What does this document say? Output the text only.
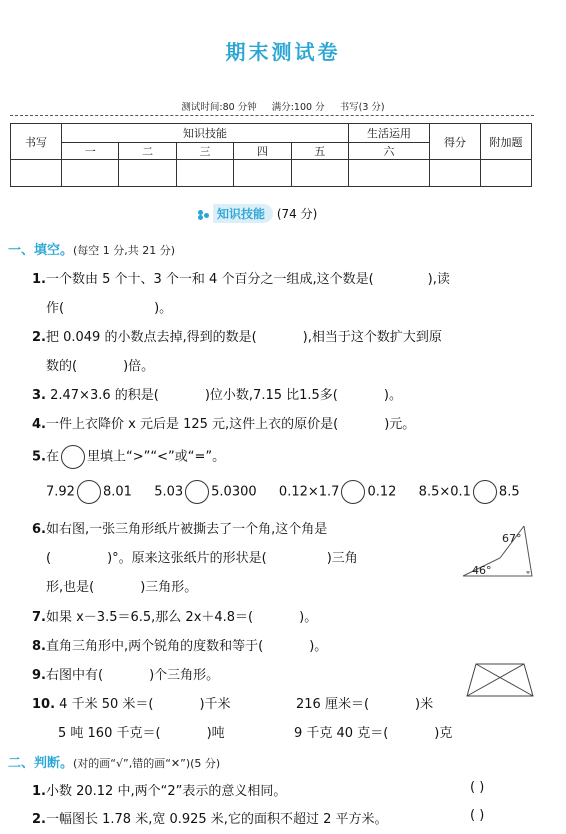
期末测试卷
测试时间:80 分钟 满分:100 分 书写(3 分)
书写	知识技能					生活运用	得分	附加题
	一	二	三	四	五	六		

知识技能 (74 分)
一、填空。(每空 1 分,共 21 分)
1.一个数由 5 个十、3 个一和 4 个百分之一组成,这个数是(	),读
作(	)。
2.把 0.049 的小数点去掉,得到的数是(	),相当于这个数扩大到原
数的(	)倍。
3. 2.47×3.6 的积是(	)位小数,7.15 比1.5多(	)。
4.一件上衣降价 x 元后是 125 元,这件上衣的原价是(	)元。
5.在 里填上“>”“<”或“=”。
7.92 8.01 5.03 5.0300 0.12×1.7 0.12 8.5×0.1 8.5
6.如右图,一张三角形纸片被撕去了一个角,这个角是
(	)°。原来这张纸片的形状是(	)三角
形,也是(	)三角形。
67°
46°
7.如果 x－3.5＝6.5,那么 2x＋4.8＝(	)。
8.直角三角形中,两个锐角的度数和等于(	)。
9.右图中有(	)个三角形。
10. 4 千米 50 米＝(	)千米	216 厘米＝(	)米
5 吨 160 千克＝(	)吨	9 千克 40 克＝(	)克
二、判断。(对的画“√”,错的画“✕”)(5 分)
1.小数 20.12 中,两个“2”表示的意义相同。	( )
2.一幅图长 1.78 米,宽 0.925 米,它的面积不超过 2 平方米。	( )
